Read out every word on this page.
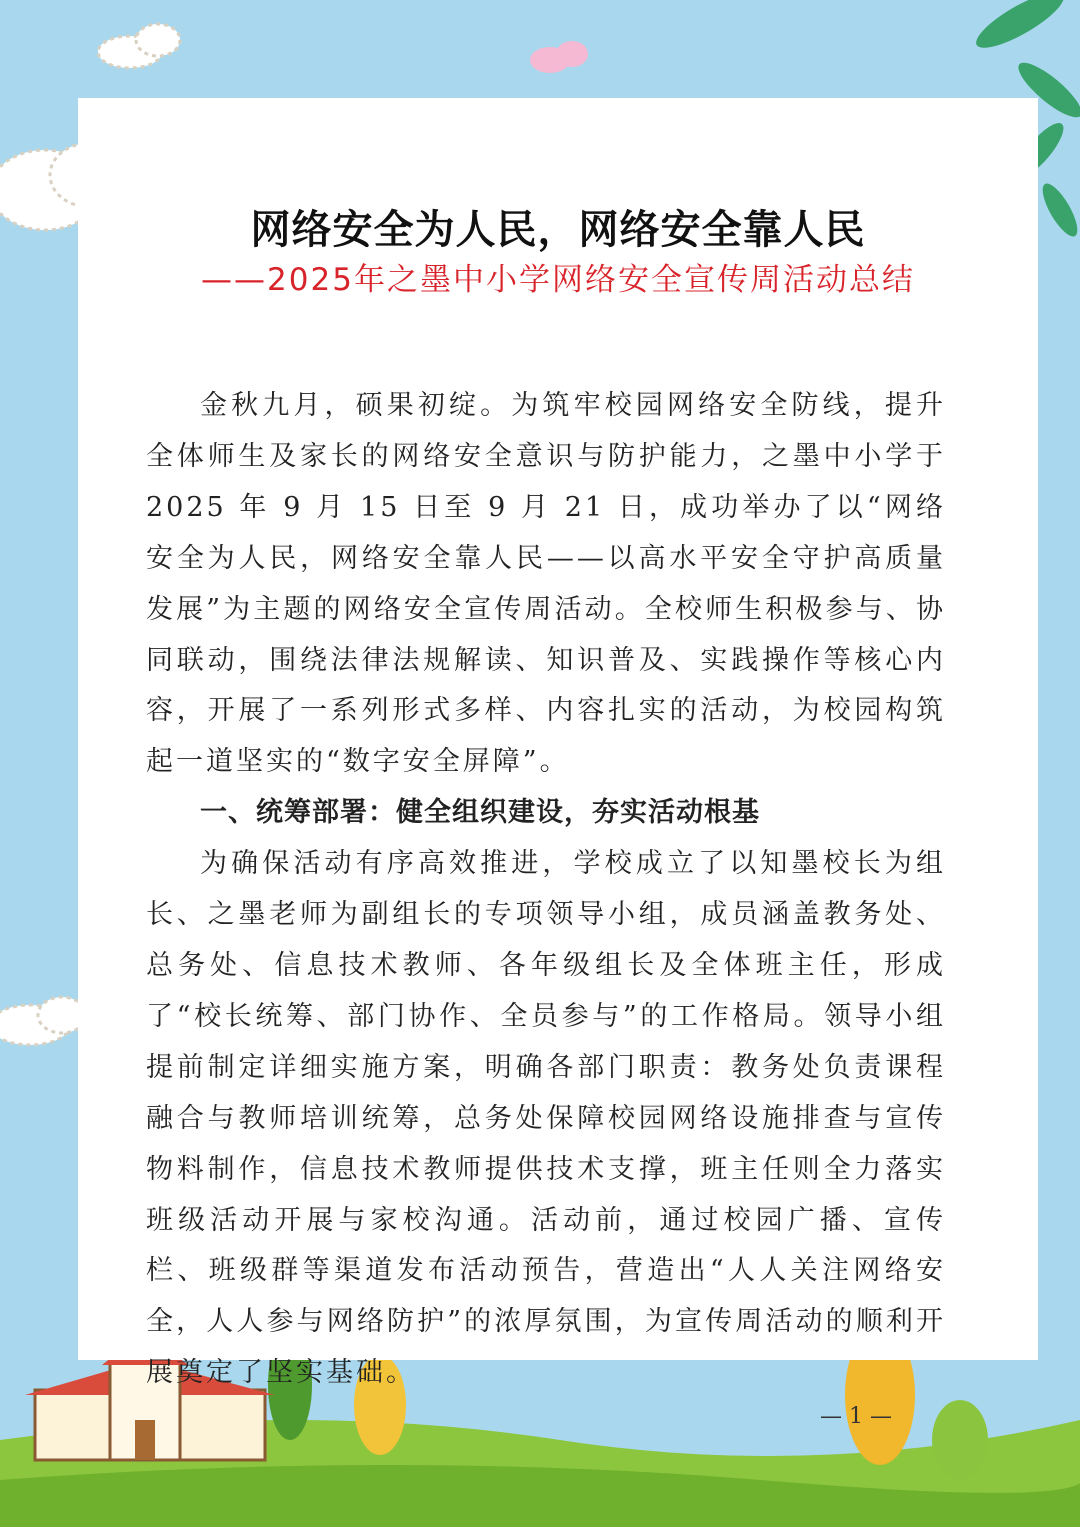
网络安全为人民，网络安全靠人民
——2025年之墨中小学网络安全宣传周活动总结

金秋九月，硕果初绽。为筑牢校园网络安全防线，提升全体师生及家长的网络安全意识与防护能力，之墨中小学于 2025 年 9 月 15 日至 9 月 21 日，成功举办了以“网络安全为人民，网络安全靠人民——以高水平安全守护高质量发展”为主题的网络安全宣传周活动。全校师生积极参与、协同联动，围绕法律法规解读、知识普及、实践操作等核心内容，开展了一系列形式多样、内容扎实的活动，为校园构筑起一道坚实的“数字安全屏障”。

一、统筹部署：健全组织建设，夯实活动根基

为确保活动有序高效推进，学校成立了以知墨校长为组长、之墨老师为副组长的专项领导小组，成员涵盖教务处、总务处、信息技术教师、各年级组长及全体班主任，形成了“校长统筹、部门协作、全员参与”的工作格局。领导小组提前制定详细实施方案，明确各部门职责：教务处负责课程融合与教师培训统筹，总务处保障校园网络设施排查与宣传物料制作，信息技术教师提供技术支撑，班主任则全力落实班级活动开展与家校沟通。活动前，通过校园广播、宣传栏、班级群等渠道发布活动预告，营造出“人人关注网络安全，人人参与网络防护”的浓厚氛围，为宣传周活动的顺利开展奠定了坚实基础。

— 1 —
